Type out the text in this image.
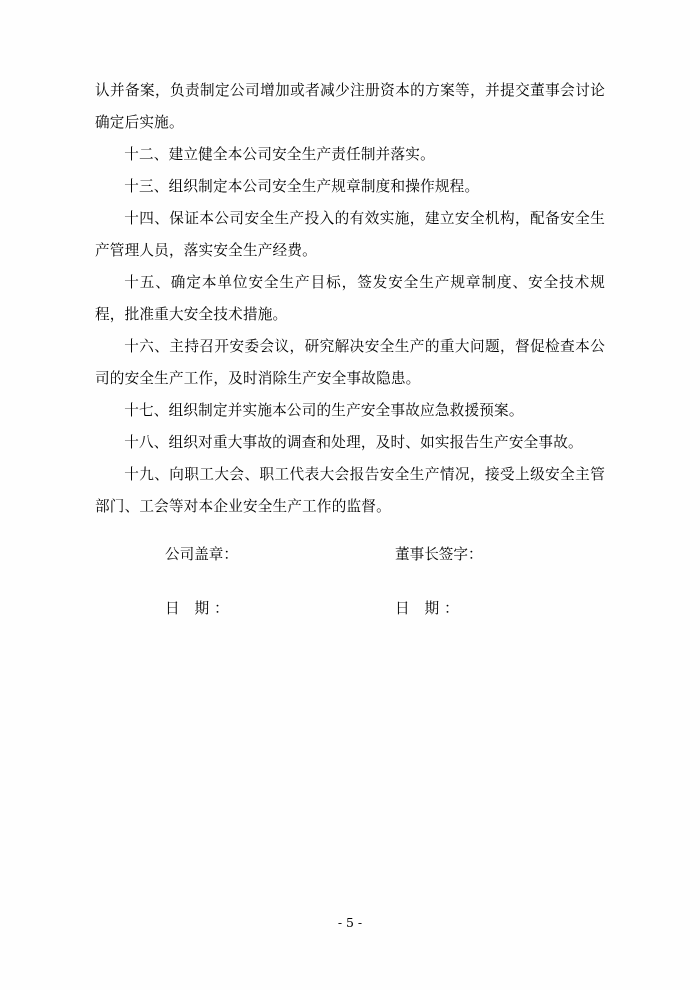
认并备案，负责制定公司增加或者减少注册资本的方案等，并提交董事会讨论确定后实施。

十二、建立健全本公司安全生产责任制并落实。

十三、组织制定本公司安全生产规章制度和操作规程。

十四、保证本公司安全生产投入的有效实施，建立安全机构，配备安全生产管理人员，落实安全生产经费。

十五、确定本单位安全生产目标，签发安全生产规章制度、安全技术规程，批准重大安全技术措施。

十六、主持召开安委会议，研究解决安全生产的重大问题，督促检查本公司的安全生产工作，及时消除生产安全事故隐患。

十七、组织制定并实施本公司的生产安全事故应急救援预案。

十八、组织对重大事故的调查和处理，及时、如实报告生产安全事故。

十九、向职工大会、职工代表大会报告安全生产情况，接受上级安全主管部门、工会等对本企业安全生产工作的监督。

公司盖章：	董事长签字：
日 期：	日 期：
- 5 -
